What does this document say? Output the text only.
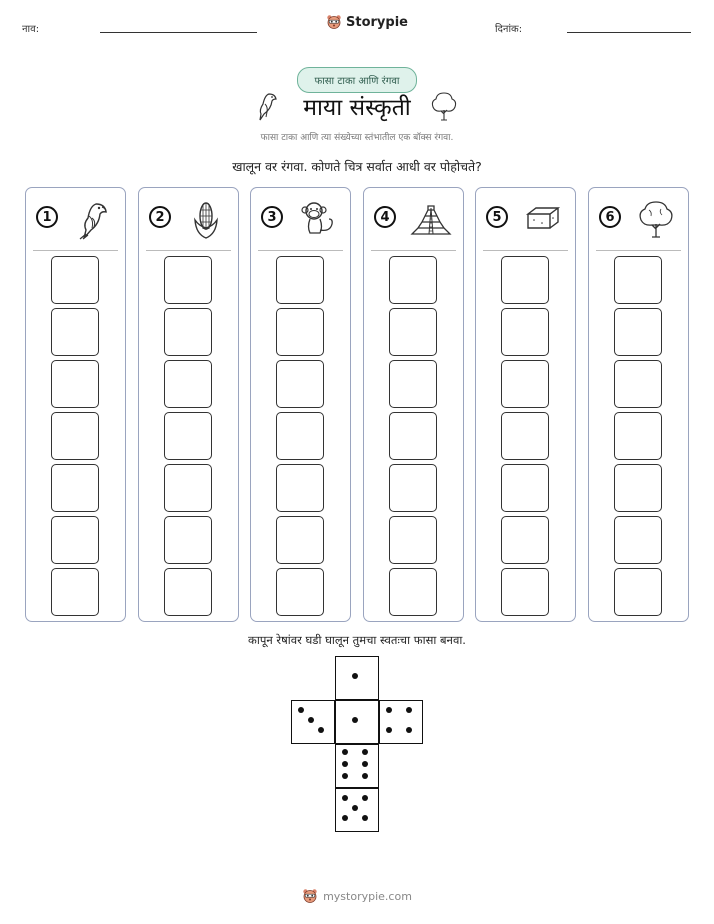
नाव:	Storypie	दिनांक:
फासा टाका आणि रंगवा
माया संस्कृती
फासा टाका आणि त्या संख्येच्या स्तंभातील एक बॉक्स रंगवा.
खालून वर रंगवा. कोणते चित्र सर्वात आधी वर पोहोचते?
1	2	3	4	5	6
कापून रेषांवर घडी घालून तुमचा स्वतःचा फासा बनवा.
mystorypie.com
